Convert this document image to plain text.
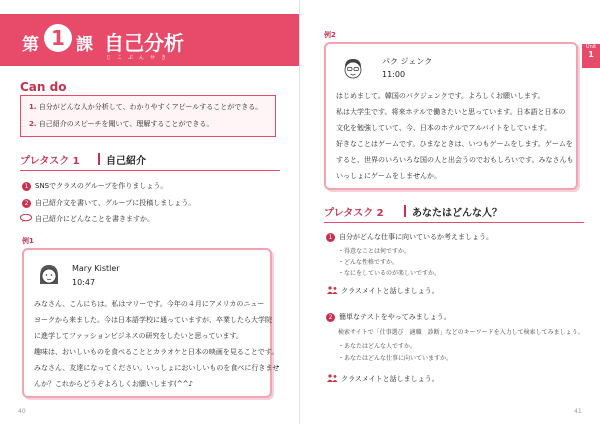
第 1 課 自己分析
じこぶんせき
Can do
1. 自分がどんな人か分析して、わかりやすくアピールすることができる。
2. 自己紹介のスピーチを聞いて、理解することができる。
プレタスク 1	自己紹介
1 SNSでクラスのグループを作りましょう。
2 自己紹介文を書いて、グループに投稿しましょう。
自己紹介にどんなことを書きますか。
例1
Mary Kistler
10:47
みなさん、こんにちは。私はマリーです。今年の４月にアメリカのニュー
ヨークから来ました。今は日本語学校に通っていますが、卒業したら大学院
に進学してファッションビジネスの研究をしたいと思っています。
趣味は、おいしいものを食べることとカラオケと日本の映画を見ることです。
みなさん、友達になってください。いっしょにおいしいものを食べに行きませ
んか？これからどうぞよろしくお願いします(^^♪
40
例2
パク ジェンク
11:00
はじめまして。韓国のパクジェンクです。よろしくお願いします。
私は大学生です。将来ホテルで働きたいと思っています。日本語と日本の
文化を勉強していて、今、日本のホテルでアルバイトをしています。
好きなことはゲームです。ひまなときは、いつもゲームをします。ゲームを
すると、世界のいろいろな国の人と出会うのでおもしろいです。みなさんも
いっしょにゲームをしませんか。
Unit
1
プレタスク 2	あなたはどんな人？
1 自分がどんな仕事に向いているか考えましょう。
・得意なことは何ですか。
・どんな性格ですか。
・なにをしているのが楽しいですか。
クラスメイトと話しましょう。
2 簡単なテストをやってみましょう。
検索サイトで「仕事選び　適職　診断」などのキーワードを入力して検索してみましょう。
・あなたはどんな人ですか。
・あなたはどんな仕事に向いていますか。
クラスメイトと話しましょう。
41
